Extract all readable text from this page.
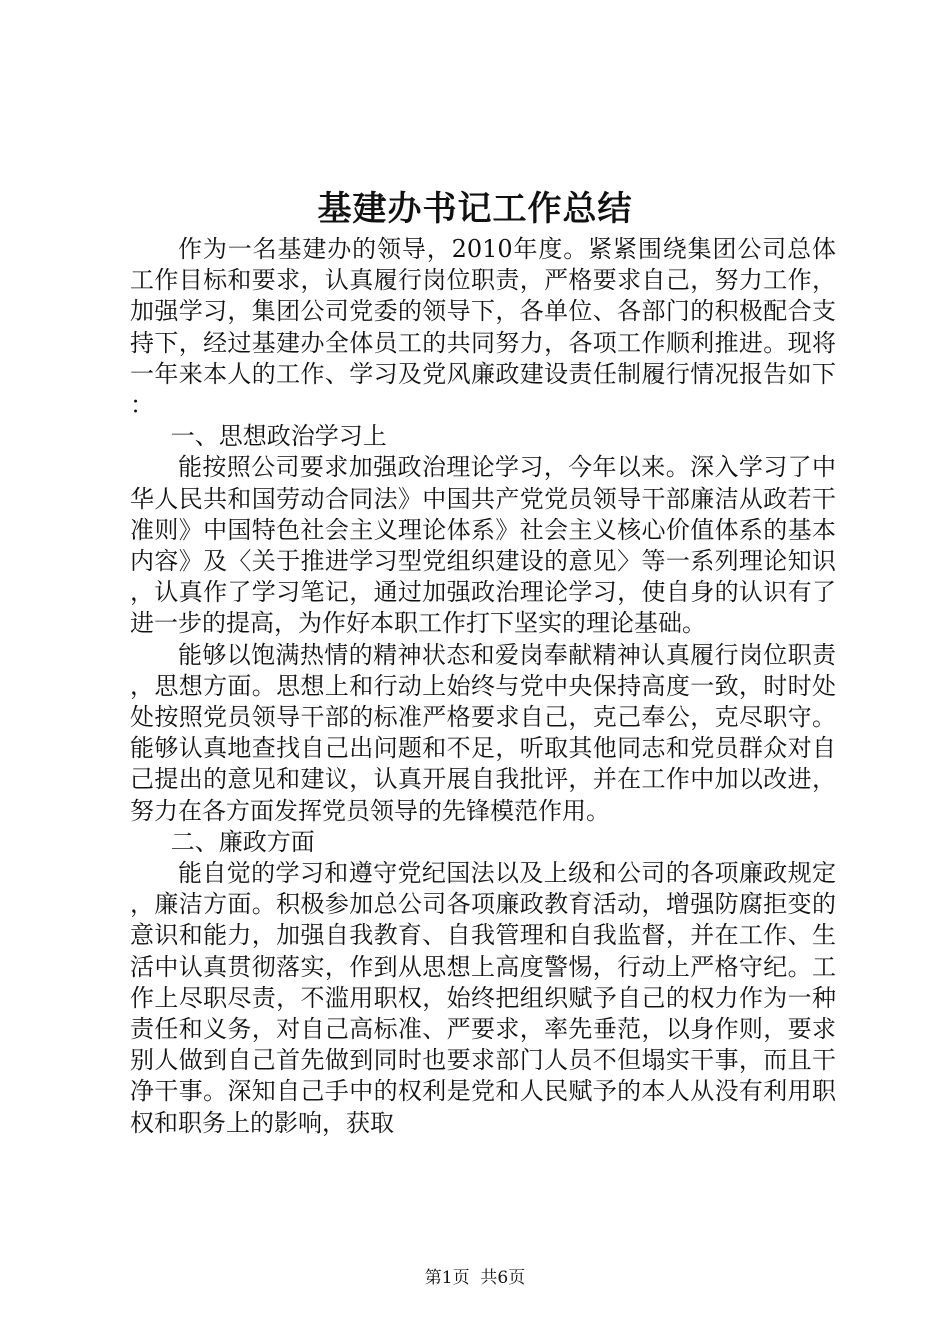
基建办书记工作总结

作为一名基建办的领导，2010年度。紧紧围绕集团公司总体工作目标和要求，认真履行岗位职责，严格要求自己，努力工作，加强学习，集团公司党委的领导下，各单位、各部门的积极配合支持下，经过基建办全体员工的共同努力，各项工作顺利推进。现将一年来本人的工作、学习及党风廉政建设责任制履行情况报告如下：

一、思想政治学习上

能按照公司要求加强政治理论学习，今年以来。深入学习了中华人民共和国劳动合同法》中国共产党党员领导干部廉洁从政若干准则》中国特色社会主义理论体系》社会主义核心价值体系的基本内容》及〈关于推进学习型党组织建设的意见〉等一系列理论知识，认真作了学习笔记，通过加强政治理论学习，使自身的认识有了进一步的提高，为作好本职工作打下坚实的理论基础。

能够以饱满热情的精神状态和爱岗奉献精神认真履行岗位职责，思想方面。思想上和行动上始终与党中央保持高度一致，时时处处按照党员领导干部的标准严格要求自己，克己奉公，克尽职守。能够认真地查找自己出问题和不足，听取其他同志和党员群众对自己提出的意见和建议，认真开展自我批评，并在工作中加以改进，努力在各方面发挥党员领导的先锋模范作用。

二、廉政方面

能自觉的学习和遵守党纪国法以及上级和公司的各项廉政规定，廉洁方面。积极参加总公司各项廉政教育活动，增强防腐拒变的意识和能力，加强自我教育、自我管理和自我监督，并在工作、生活中认真贯彻落实，作到从思想上高度警惕，行动上严格守纪。工作上尽职尽责，不滥用职权，始终把组织赋予自己的权力作为一种责任和义务，对自己高标准、严要求，率先垂范，以身作则，要求别人做到自己首先做到同时也要求部门人员不但塌实干事，而且干净干事。深知自己手中的权利是党和人民赋予的本人从没有利用职权和职务上的影响，获取

第1页  共6页
